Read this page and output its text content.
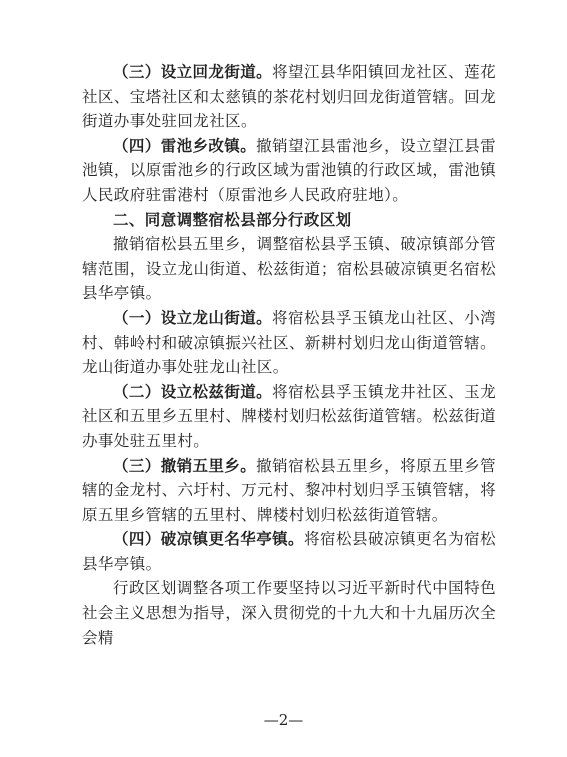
（三）设立回龙街道。将望江县华阳镇回龙社区、莲花社区、宝塔社区和太慈镇的茶花村划归回龙街道管辖。回龙街道办事处驻回龙社区。

（四）雷池乡改镇。撤销望江县雷池乡，设立望江县雷池镇，以原雷池乡的行政区域为雷池镇的行政区域，雷池镇人民政府驻雷港村（原雷池乡人民政府驻地）。

二、同意调整宿松县部分行政区划

撤销宿松县五里乡，调整宿松县孚玉镇、破凉镇部分管辖范围，设立龙山街道、松兹街道；宿松县破凉镇更名宿松县华亭镇。

（一）设立龙山街道。将宿松县孚玉镇龙山社区、小湾村、韩岭村和破凉镇振兴社区、新耕村划归龙山街道管辖。龙山街道办事处驻龙山社区。

（二）设立松兹街道。将宿松县孚玉镇龙井社区、玉龙社区和五里乡五里村、牌楼村划归松兹街道管辖。松兹街道办事处驻五里村。

（三）撤销五里乡。撤销宿松县五里乡，将原五里乡管辖的金龙村、六圩村、万元村、黎冲村划归孚玉镇管辖，将原五里乡管辖的五里村、牌楼村划归松兹街道管辖。

（四）破凉镇更名华亭镇。将宿松县破凉镇更名为宿松县华亭镇。

行政区划调整各项工作要坚持以习近平新时代中国特色社会主义思想为指导，深入贯彻党的十九大和十九届历次全会精

—2—
